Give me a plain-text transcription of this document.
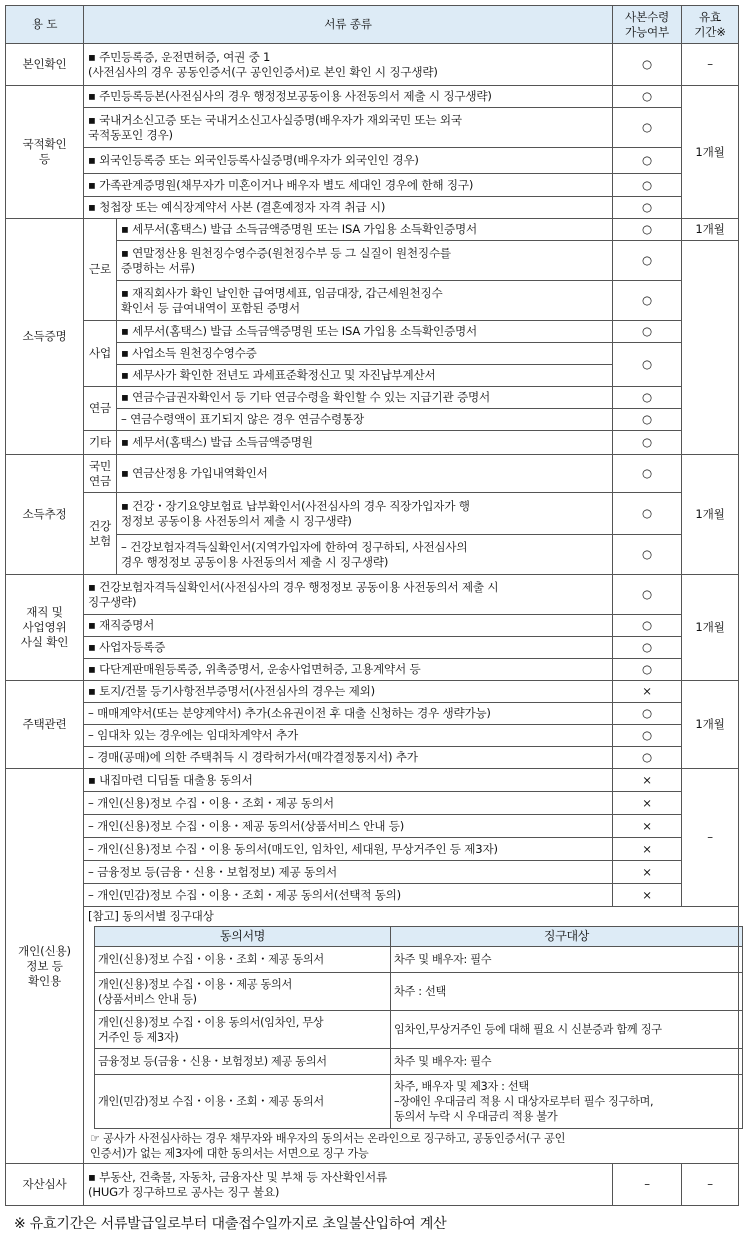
용 도	서류 종류	사본수령
가능여부	유효
기간※
본인확인	▪ 주민등록증, 운전면허증, 여권 중 1
(사전심사의 경우 공동인증서(구 공인인증서)로 본인 확인 시 징구생략)	○	–
국적확인
등	▪ 주민등록등본(사전심사의 경우 행정정보공동이용 사전동의서 제출 시 징구생략)	○	1개월
▪ 국내거소신고증 또는 국내거소신고사실증명(배우자가 재외국민 또는 외국
국적동포인 경우)	○
▪ 외국인등록증 또는 외국인등록사실증명(배우자가 외국인인 경우)	○
▪ 가족관계증명원(채무자가 미혼이거나 배우자 별도 세대인 경우에 한해 징구)	○
▪ 청첩장 또는 예식장계약서 사본 (결혼예정자 자격 취급 시)	○
소득증명	근로	▪ 세무서(홈택스) 발급 소득금액증명원 또는 ISA 가입용 소득확인증명서	○	1개월
▪ 연말정산용 원천징수영수증(원천징수부 등 그 실질이 원천징수를
증명하는 서류)	○	
▪ 재직회사가 확인 날인한 급여명세표, 임금대장, 갑근세원천징수
확인서 등 급여내역이 포함된 증명서	○
사업	▪ 세무서(홈택스) 발급 소득금액증명원 또는 ISA 가입용 소득확인증명서	○
▪ 사업소득 원천징수영수증	○
▪ 세무사가 확인한 전년도 과세표준확정신고 및 자진납부계산서
연금	▪ 연금수급권자확인서 등 기타 연금수령을 확인할 수 있는 지급기관 증명서	○
– 연금수령액이 표기되지 않은 경우 연금수령통장	○
기타	▪ 세무서(홈택스) 발급 소득금액증명원	○
소득추정	국민
연금	▪ 연금산정용 가입내역확인서	○	1개월
건강
보험	▪ 건강・장기요양보험료 납부확인서(사전심사의 경우 직장가입자가 행
정정보 공동이용 사전동의서 제출 시 징구생략)	○
– 건강보험자격득실확인서(지역가입자에 한하여 징구하되, 사전심사의
경우 행정정보 공동이용 사전동의서 제출 시 징구생략)	○
재직 및
사업영위
사실 확인	▪ 건강보험자격득실확인서(사전심사의 경우 행정정보 공동이용 사전동의서 제출 시
징구생략)	○	1개월
▪ 재직증명서	○
▪ 사업자등록증	○
▪ 다단계판매원등록증, 위촉증명서, 운송사업면허증, 고용계약서 등	○
주택관련	▪ 토지/건물 등기사항전부증명서(사전심사의 경우는 제외)	×	1개월
– 매매계약서(또는 분양계약서) 추가(소유권이전 후 대출 신청하는 경우 생략가능)	○
– 임대차 있는 경우에는 임대차계약서 추가	○
– 경매(공매)에 의한 주택취득 시 경락허가서(매각결정통지서) 추가	○
개인(신용)
정보 등
확인용	▪ 내집마련 디딤돌 대출용 동의서	×	–
– 개인(신용)정보 수집・이용・조회・제공 동의서	×
– 개인(신용)정보 수집・이용・제공 동의서(상품서비스 안내 등)	×
– 개인(신용)정보 수집・이용 동의서(매도인, 임차인, 세대원, 무상거주인 등 제3자)	×
– 금융정보 등(금융・신용・보험정보) 제공 동의서	×
– 개인(민감)정보 수집・이용・조회・제공 동의서(선택적 동의)	×

[참고] 동의서별 징구대상
동의서명	징구대상
개인(신용)정보 수집・이용・조회・제공 동의서	차주 및 배우자: 필수
개인(신용)정보 수집・이용・제공 동의서
(상품서비스 안내 등)	차주 : 선택
개인(신용)정보 수집・이용 동의서(임차인, 무상
거주인 등 제3자)	임차인,무상거주인 등에 대해 필요 시 신분증과 함께 징구
금융정보 등(금융・신용・보험정보) 제공 동의서	차주 및 배우자: 필수
개인(민감)정보 수집・이용・조회・제공 동의서	차주, 배우자 및 제3자 : 선택
–장애인 우대금리 적용 시 대상자로부터 필수 징구하며,
동의서 누락 시 우대금리 적용 불가
☞ 공사가 사전심사하는 경우 채무자와 배우자의 동의서는 온라인으로 징구하고, 공동인증서(구 공인
인증서)가 없는 제3자에 대한 동의서는 서면으로 징구 가능

자산심사	▪ 부동산, 건축물, 자동차, 금융자산 및 부채 등 자산확인서류
(HUG가 징구하므로 공사는 징구 불요)	–	–
※ 유효기간은 서류발급일로부터 대출접수일까지로 초일불산입하여 계산
